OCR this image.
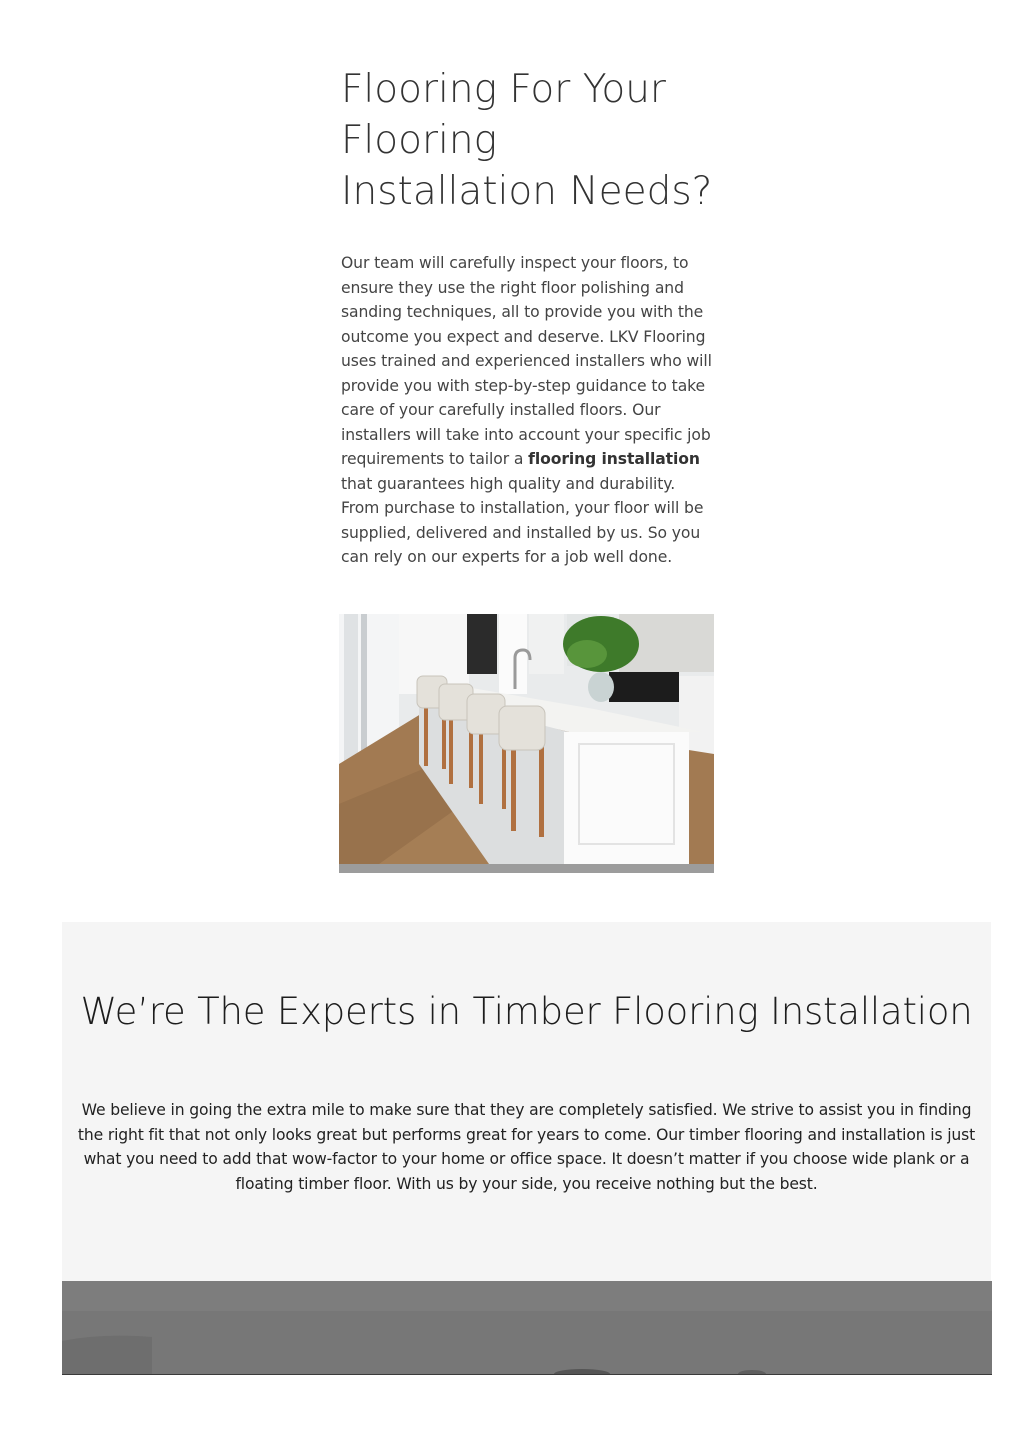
Flooring For Your Flooring Installation Needs?

Our team will carefully inspect your floors, to ensure they use the right floor polishing and sanding techniques, all to provide you with the outcome you expect and deserve. LKV Flooring uses trained and experienced installers who will provide you with step-by-step guidance to take care of your carefully installed floors. Our installers will take into account your specific job requirements to tailor a flooring installation that guarantees high quality and durability. From purchase to installation, your floor will be supplied, delivered and installed by us. So you can rely on our experts for a job well done.

We’re The Experts in Timber Flooring Installation

We believe in going the extra mile to make sure that they are completely satisfied. We strive to assist you in finding the right fit that not only looks great but performs great for years to come. Our timber flooring and installation is just what you need to add that wow-factor to your home or office space. It doesn’t matter if you choose wide plank or a floating timber floor. With us by your side, you receive nothing but the best.
